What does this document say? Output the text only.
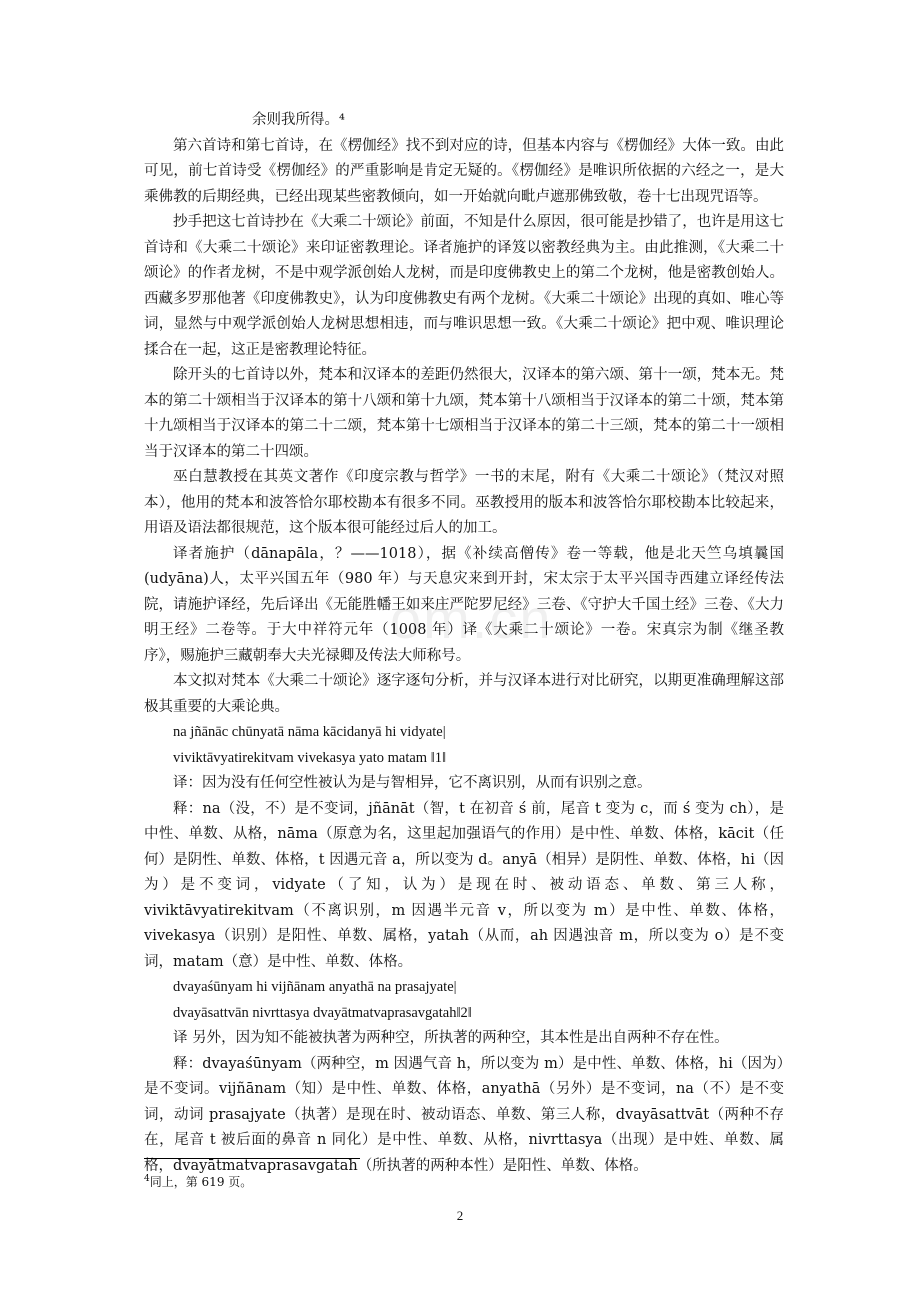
om.cn

余则我所得。⁴

第六首诗和第七首诗，在《楞伽经》找不到对应的诗，但基本内容与《楞伽经》大体一致。由此可见，前七首诗受《楞伽经》的严重影响是肯定无疑的。《楞伽经》是唯识所依据的六经之一，是大乘佛教的后期经典，已经出现某些密教倾向，如一开始就向毗卢遮那佛致敬，卷十七出现咒语等。

抄手把这七首诗抄在《大乘二十颂论》前面，不知是什么原因，很可能是抄错了，也许是用这七首诗和《大乘二十颂论》来印证密教理论。译者施护的译笈以密教经典为主。由此推测，《大乘二十颂论》的作者龙树，不是中观学派创始人龙树，而是印度佛教史上的第二个龙树，他是密教创始人。西藏多罗那他著《印度佛教史》，认为印度佛教史有两个龙树。《大乘二十颂论》出现的真如、唯心等词，显然与中观学派创始人龙树思想相违，而与唯识思想一致。《大乘二十颂论》把中观、唯识理论揉合在一起，这正是密教理论特征。

除开头的七首诗以外，梵本和汉译本的差距仍然很大，汉译本的第六颂、第十一颂，梵本无。梵本的第二十颂相当于汉译本的第十八颂和第十九颂，梵本第十八颂相当于汉译本的第二十颂，梵本第十九颂相当于汉译本的第二十二颂，梵本第十七颂相当于汉译本的第二十三颂，梵本的第二十一颂相当于汉译本的第二十四颂。

巫白慧教授在其英文著作《印度宗教与哲学》一书的末尾，附有《大乘二十颂论》（梵汉对照本），他用的梵本和波答恰尔耶校勘本有很多不同。巫教授用的版本和波答恰尔耶校勘本比较起来，用语及语法都很规范，这个版本很可能经过后人的加工。

译者施护（dānapāla，？——1018），据《补续高僧传》卷一等载，他是北天竺乌填曩国(udyāna)人，太平兴国五年（980 年）与天息灾来到开封，宋太宗于太平兴国寺西建立译经传法院，请施护译经，先后译出《无能胜幡王如来庄严陀罗尼经》三卷、《守护大千国土经》三卷、《大力明王经》二卷等。于大中祥符元年（1008 年）译《大乘二十颂论》一卷。宋真宗为制《继圣教序》，赐施护三藏朝奉大夫光禄卿及传法大师称号。

本文拟对梵本《大乘二十颂论》逐字逐句分析，并与汉译本进行对比研究，以期更准确理解这部极其重要的大乘论典。

na jñānāc chūnyatā nāma kācidanyā hi vidyate|

viviktāvyatirekitvam vivekasya yato matam ‖1‖

译：因为没有任何空性被认为是与智相异，它不离识别，从而有识别之意。

释：na（没，不）是不变词，jñānāt（智，t 在初音 ś 前，尾音 t 变为 c，而 ś 变为 ch），是中性、单数、从格，nāma（原意为名，这里起加强语气的作用）是中性、单数、体格，kācit（任何）是阴性、单数、体格，t 因遇元音 a，所以变为 d。anyā（相异）是阴性、单数、体格，hi（因为）是不变词，vidyate（了知，认为）是现在时、被动语态、单数、第三人称，viviktāvyatirekitvam（不离识别，m 因遇半元音 v，所以变为 m）是中性、单数、体格，vivekasya（识别）是阳性、单数、属格，yatah（从而，ah 因遇浊音 m，所以变为 o）是不变词，matam（意）是中性、单数、体格。

dvayaśūnyam hi vijñānam anyathā na prasajyate|

dvayāsattvān nivrttasya dvayātmatvaprasavgatah‖2‖

译 另外，因为知不能被执著为两种空，所执著的两种空，其本性是出自两种不存在性。

释：dvayaśūnyam（两种空，m 因遇气音 h，所以变为 m）是中性、单数、体格，hi（因为）是不变词。vijñānam（知）是中性、单数、体格，anyathā（另外）是不变词，na（不）是不变词，动词 prasajyate（执著）是现在时、被动语态、单数、第三人称，dvayāsattvāt（两种不存在，尾音 t 被后面的鼻音 n 同化）是中性、单数、从格，nivrttasya（出现）是中姓、单数、属格，dvayātmatvaprasavgatah（所执著的两种本性）是阳性、单数、体格。

$^4$同上，第 619 页。
2
